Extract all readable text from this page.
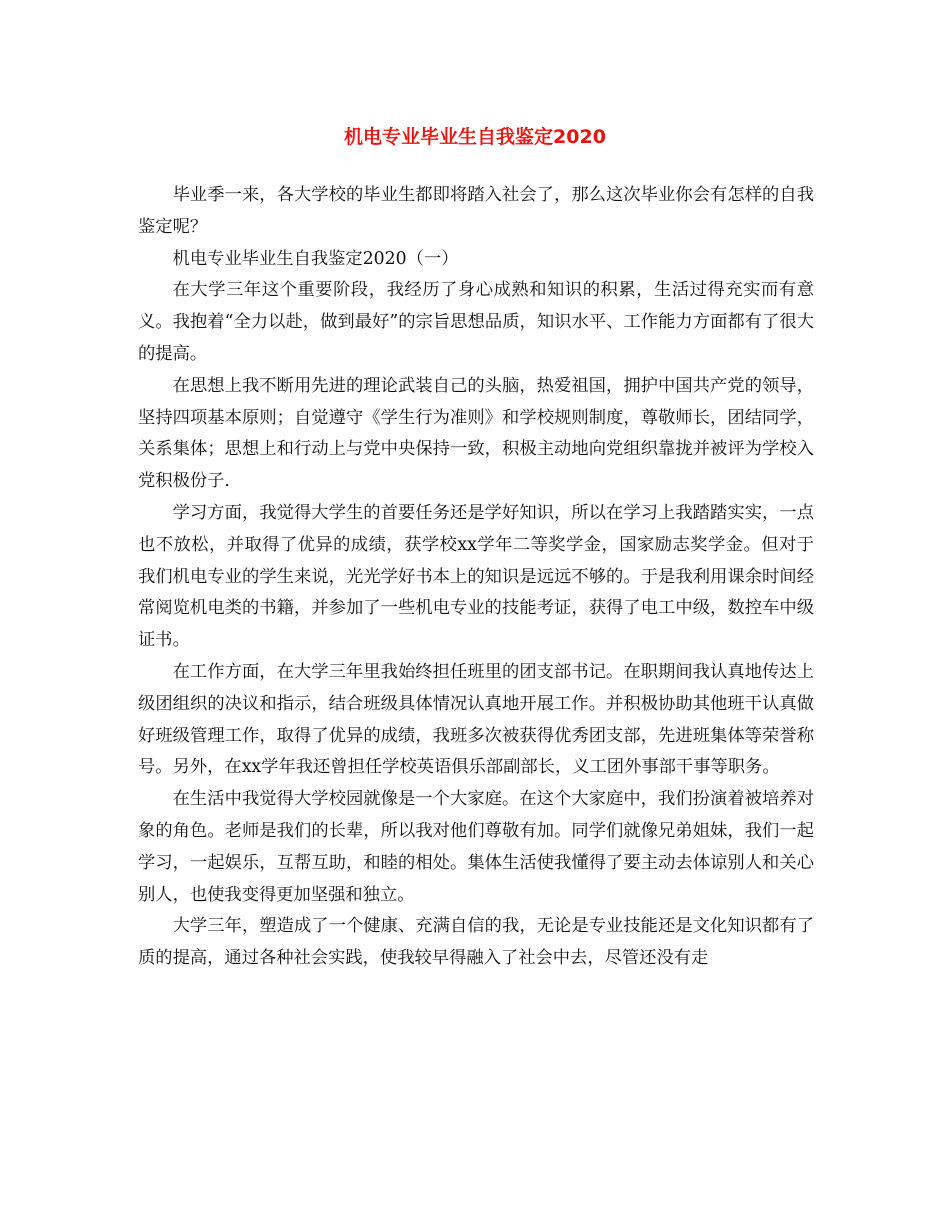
机电专业毕业生自我鉴定2020

毕业季一来，各大学校的毕业生都即将踏入社会了，那么这次毕业你会有怎样的自我鉴定呢？

机电专业毕业生自我鉴定2020（一）

在大学三年这个重要阶段，我经历了身心成熟和知识的积累，生活过得充实而有意义。我抱着“全力以赴，做到最好”的宗旨思想品质，知识水平、工作能力方面都有了很大的提高。

在思想上我不断用先进的理论武装自己的头脑，热爱祖国，拥护中国共产党的领导，坚持四项基本原则；自觉遵守《学生行为准则》和学校规则制度，尊敬师长，团结同学，关系集体；思想上和行动上与党中央保持一致，积极主动地向党组织靠拢并被评为学校入党积极份子.

学习方面，我觉得大学生的首要任务还是学好知识，所以在学习上我踏踏实实，一点也不放松，并取得了优异的成绩，获学校xx学年二等奖学金，国家励志奖学金。但对于我们机电专业的学生来说，光光学好书本上的知识是远远不够的。于是我利用课余时间经常阅览机电类的书籍，并参加了一些机电专业的技能考证，获得了电工中级，数控车中级证书。

在工作方面，在大学三年里我始终担任班里的团支部书记。在职期间我认真地传达上级团组织的决议和指示，结合班级具体情况认真地开展工作。并积极协助其他班干认真做好班级管理工作，取得了优异的成绩，我班多次被获得优秀团支部，先进班集体等荣誉称号。另外，在xx学年我还曾担任学校英语俱乐部副部长，义工团外事部干事等职务。

在生活中我觉得大学校园就像是一个大家庭。在这个大家庭中，我们扮演着被培养对象的角色。老师是我们的长辈，所以我对他们尊敬有加。同学们就像兄弟姐妹，我们一起学习，一起娱乐，互帮互助，和睦的相处。集体生活使我懂得了要主动去体谅别人和关心别人，也使我变得更加坚强和独立。

大学三年，塑造成了一个健康、充满自信的我，无论是专业技能还是文化知识都有了质的提高，通过各种社会实践，使我较早得融入了社会中去，尽管还没有走
